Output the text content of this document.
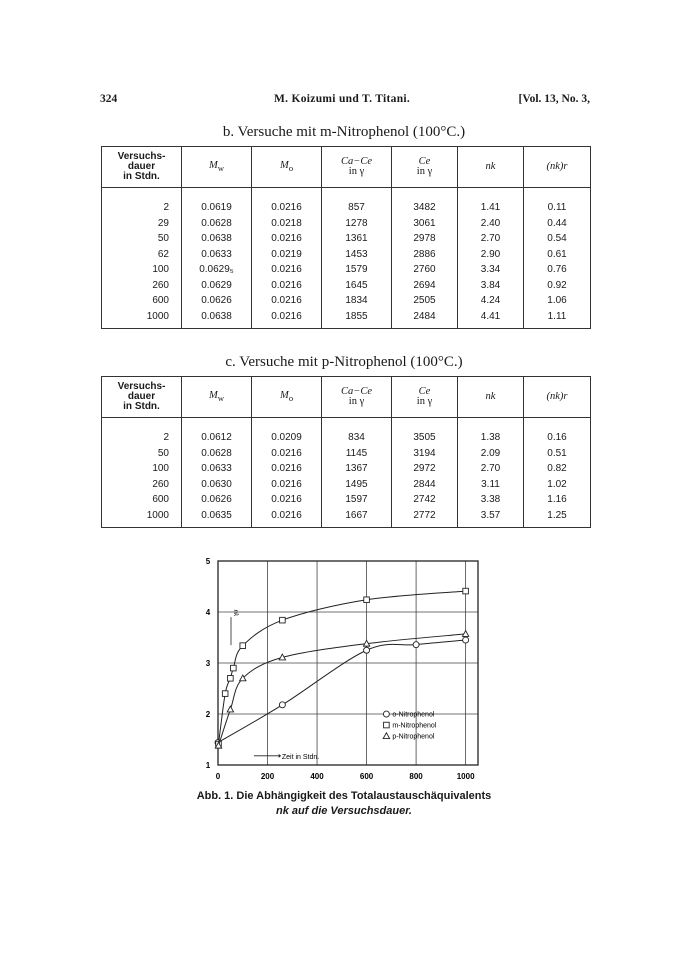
324	M. Koizumi und T. Titani.	[Vol. 13, No. 3,
b. Versuche mit m-Nitrophenol (100°C.)
Versuchs-
dauer
in Stdn.	$M_w$	$M_o$	Ca−Ce
in γ	Ce
in γ	nk	(nk)r

2	0.0619	0.0216	857	3482	1.41	0.11
29	0.0628	0.0218	1278	3061	2.40	0.44
50	0.0638	0.0216	1361	2978	2.70	0.54
62	0.0633	0.0219	1453	2886	2.90	0.61
100	0.0629₅	0.0216	1579	2760	3.34	0.76
260	0.0629	0.0216	1645	2694	3.84	0.92
600	0.0626	0.0216	1834	2505	4.24	1.06
1000	0.0638	0.0216	1855	2484	4.41	1.11
c. Versuche mit p-Nitrophenol (100°C.)
Versuchs-
dauer
in Stdn.	$M_w$	$M_o$	Ca−Ce
in γ	Ce
in γ	nk	(nk)r

2	0.0612	0.0209	834	3505	1.38	0.16
50	0.0628	0.0216	1145	3194	2.09	0.51
100	0.0633	0.0216	1367	2972	2.70	0.82
260	0.0630	0.0216	1495	2844	3.11	1.02
600	0.0626	0.0216	1597	2742	3.38	1.16
1000	0.0635	0.0216	1667	2772	3.57	1.25
0	200	400	600	800	1000
1
2
3
4
5
nk
Zeit in Stdn.
o-Nitrophenol
m-Nitrophenol
p-Nitrophenol
Abb. 1. Die Abhängigkeit des Totalaustauschäquivalents
nk auf die Versuchsdauer.
